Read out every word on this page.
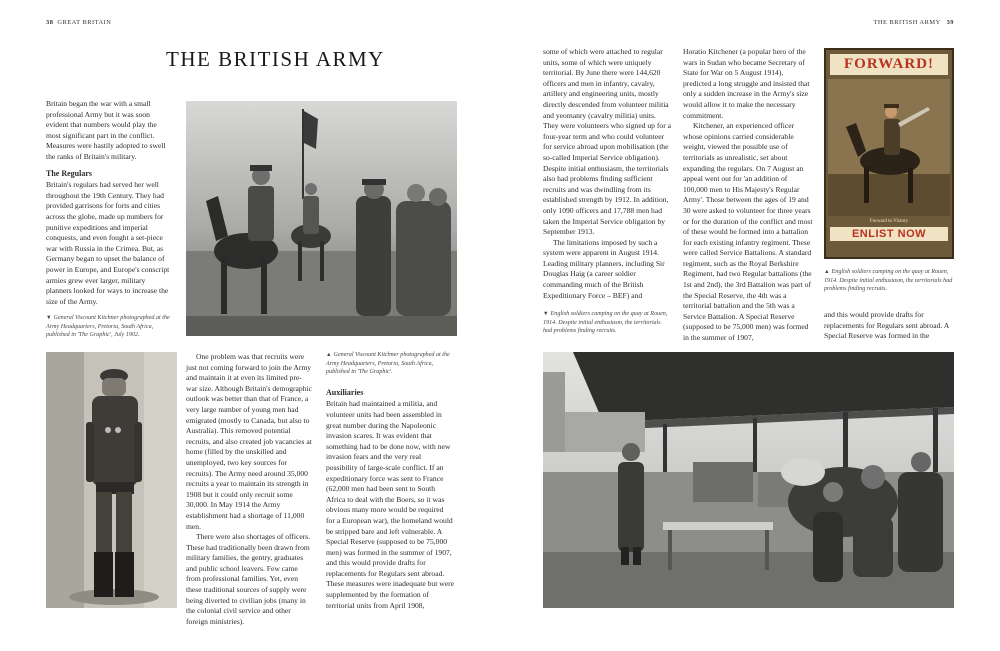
38 GREAT BRITAIN	THE BRITISH ARMY 39
THE BRITISH ARMY

Britain began the war with a small professional Army but it was soon evident that numbers would play the most significant part in the conflict. Measures were hastily adopted to swell the ranks of Britain's military.

The Regulars

Britain's regulars had served her well throughout the 19th Century. They had provided garrisons for forts and cities across the globe, made up numbers for punitive expeditions and imperial conquests, and even fought a set-piece war with Russia in the Crimea. But, as Germany began to upset the balance of power in Europe, and Europe's conscript armies grew ever larger, military planners looked for ways to increase the size of the Army.

▼ General Viscount Kitchner photographed at the Army Headquarters, Pretoria, South Africa, published in 'The Graphic', July 1902.

One problem was that recruits were just not coming forward to join the Army and maintain it at even its limited pre-war size. Although Britain's demographic outlook was better than that of France, a very large number of young men had emigrated (mostly to Canada, but also to Australia). This removed potential recruits, and also created job vacancies at home (filled by the unskilled and unemployed, two key sources for recruits). The Army need around 35,000 recruits a year to maintain its strength in 1908 but it could only recruit some 30,000. In May 1914 the Army establishment had a shortage of 11,000 men.

There were also shortages of officers. These had traditionally been drawn from military families, the gentry, graduates and public school leavers. Few came from professional families. Yet, even these traditional sources of supply were being diverted to civilian jobs (many in the colonial civil service and other foreign ministries).

▲ General Viscount Kitchner photographed at the Army Headquarters, Pretoria, South Africa, published in 'The Graphic'.
Auxiliaries

Britain had maintained a militia, and volunteer units had been assembled in great number during the Napoleonic invasion scares. It was evident that something had to be done now, with new invasion fears and the very real possibility of large-scale conflict. If an expeditionary force was sent to France (62,000 men had been sent to South Africa to deal with the Boers, so it was obvious many more would be required for a European war), the homeland would be stripped bare and left vulnerable. A Special Reserve (supposed to be 75,000 men) was formed in the summer of 1907, and this would provide drafts for replacements for Regulars sent abroad. These measures were inadequate but were supplemented by the formation of territorial units from April 1908,

some of which were attached to regular units, some of which were uniquely territorial. By June there were 144,620 officers and men in infantry, cavalry, artillery and engineering units, mostly directly descended from volunteer militia and yeomanry (cavalry militia) units. They were volunteers who signed up for a four-year term and who could volunteer for service abroad upon mobilisation (the so-called Imperial Service obligation). Despite initial enthusiasm, the territorials also had problems finding sufficient recruits and was dwindling from its established strength by 1912. In addition, only 1090 officers and 17,788 men had taken the Imperial Service obligation by September 1913.

The limitations imposed by such a system were apparent in August 1914. Leading military planners, including Sir Douglas Haig (a career soldier commanding much of the British Expeditionary Force – BEF) and

▼ English soldiers camping on the quay at Rouen, 1914. Despite initial enthusiasm, the territorials had problems finding recruits.

Horatio Kitchener (a popular hero of the wars in Sudan who became Secretary of State for War on 5 August 1914), predicted a long struggle and insisted that only a sudden increase in the Army's size would allow it to make the necessary commitment.

Kitchener, an experienced officer whose opinions carried considerable weight, viewed the possible use of territorials as unrealistic, set about expanding the regulars. On 7 August an appeal went out for 'an addition of 100,000 men to His Majesty's Regular Army'. Those between the ages of 19 and 30 were asked to volunteer for three years or for the duration of the conflict and most of these would be formed into a battalion for each existing infantry regiment. These were called Service Battalions. A standard regiment, such as the Royal Berkshire Regiment, had two Regular battalions (the 1st and 2nd), the 3rd Battalion was part of the Special Reserve, the 4th was a territorial battalion and the 5th was a Service Battalion. A Special Reserve (supposed to be 75,000 men) was formed in the summer of 1907,

FORWARD!
Forward to Victory
ENLIST NOW
▲ English soldiers camping on the quay at Rouen, 1914. Despite initial enthusiasm, the territorials had problems finding recruits.

and this would provide drafts for replacements for Regulars sent abroad. A Special Reserve was formed in the
